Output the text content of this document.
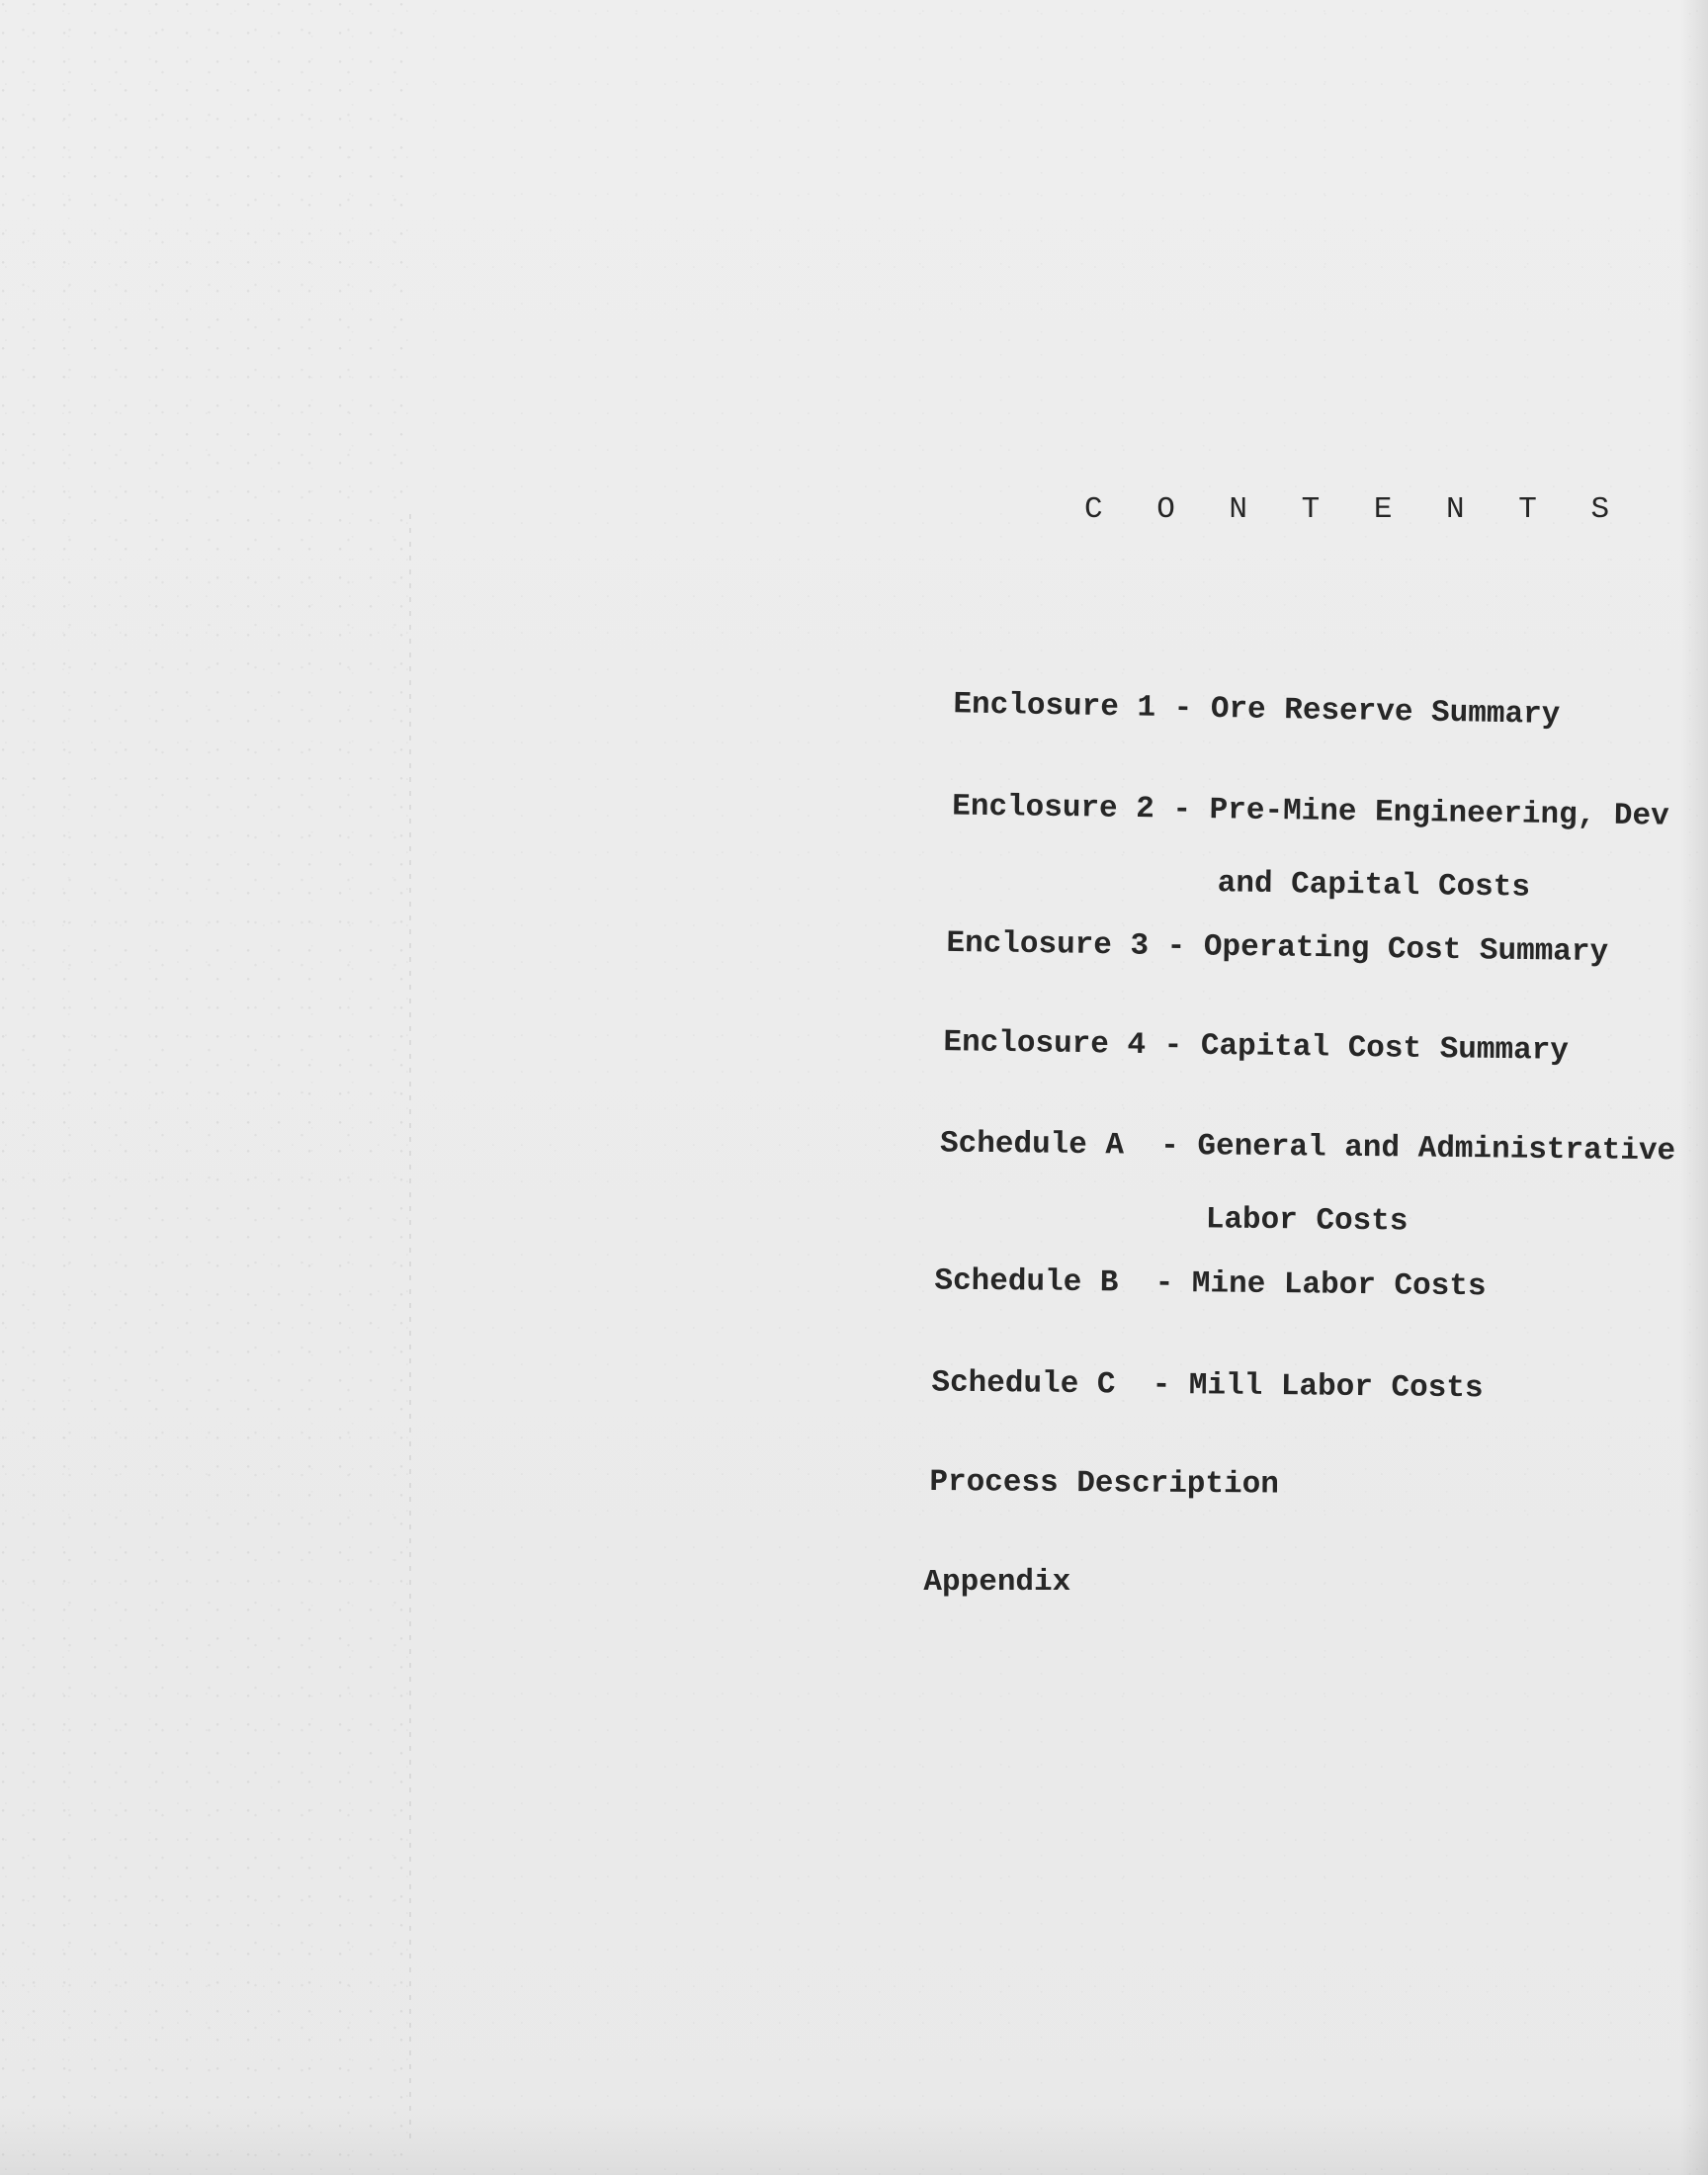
C O N T E N T S

Enclosure 1 - Ore Reserve Summary

Enclosure 2 - Pre-Mine Engineering, Dev

and Capital Costs

Enclosure 3 - Operating Cost Summary

Enclosure 4 - Capital Cost Summary

Schedule A  - General and Administrative

Labor Costs

Schedule B  - Mine Labor Costs

Schedule C  - Mill Labor Costs

Process Description

Appendix
